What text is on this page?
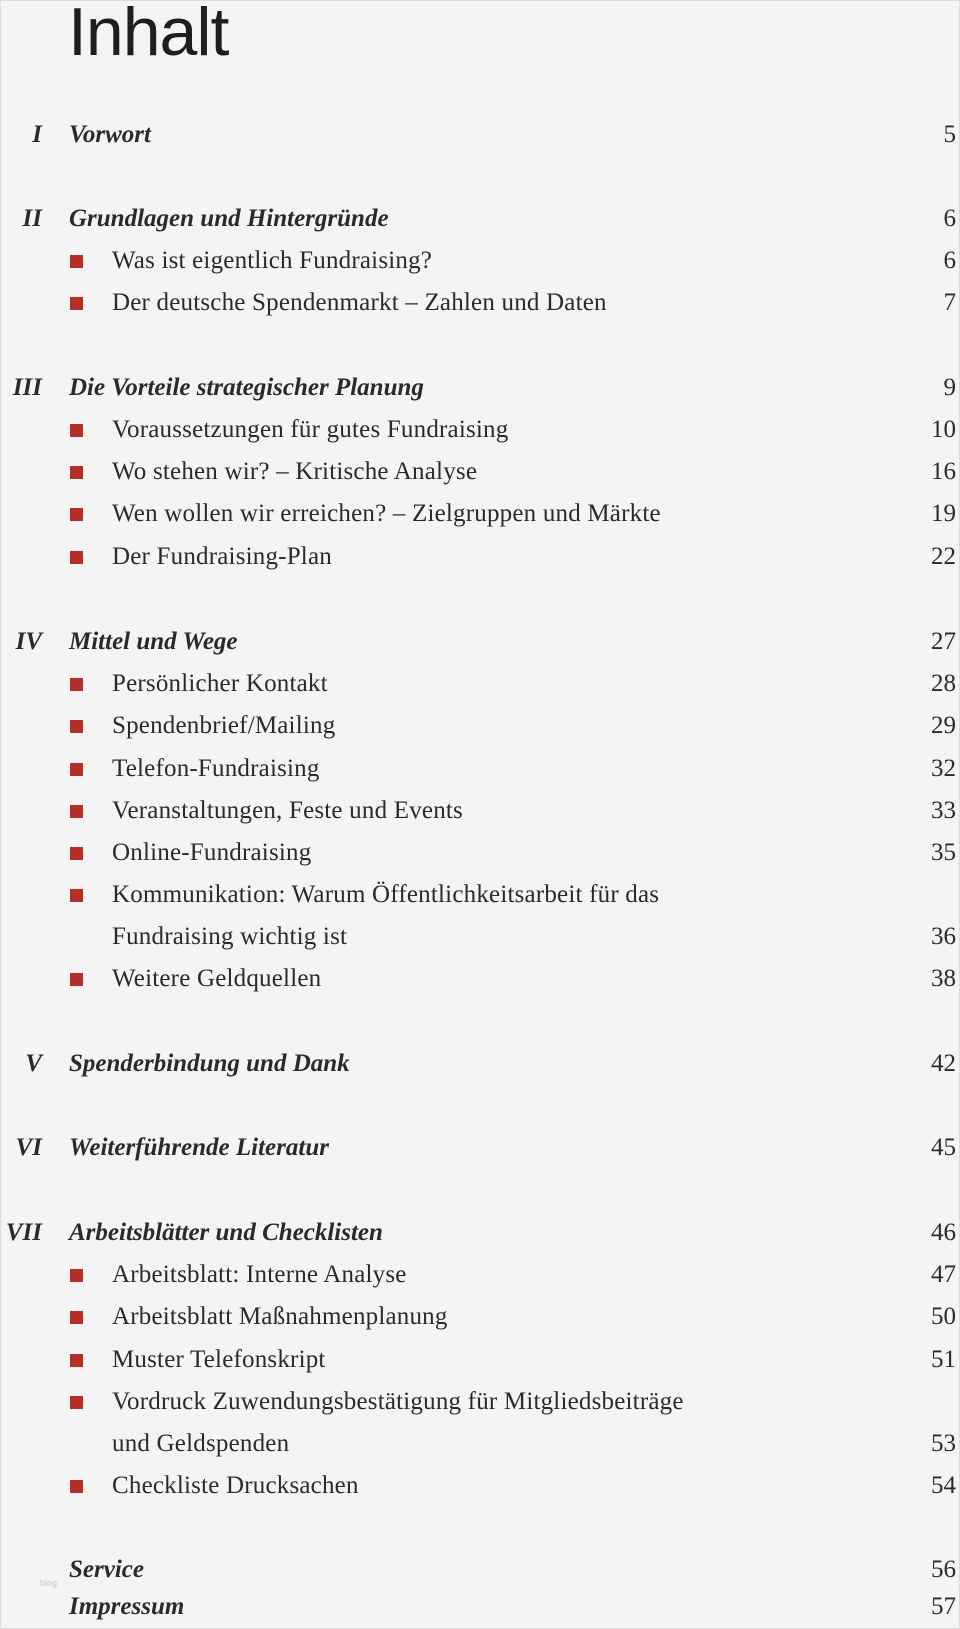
Inhalt
I Vorwort	5
II Grundlagen und Hintergründe	6
Was ist eigentlich Fundraising?	6
Der deutsche Spendenmarkt – Zahlen und Daten	7
III Die Vorteile strategischer Planung	9
Voraussetzungen für gutes Fundraising	10
Wo stehen wir? – Kritische Analyse	16
Wen wollen wir erreichen? – Zielgruppen und Märkte	19
Der Fundraising-Plan	22
IV Mittel und Wege	27
Persönlicher Kontakt	28
Spendenbrief/Mailing	29
Telefon-Fundraising	32
Veranstaltungen, Feste und Events	33
Online-Fundraising	35
Kommunikation: Warum Öffentlichkeitsarbeit für das
Fundraising wichtig ist	36
Weitere Geldquellen	38
V Spenderbindung und Dank	42
VI Weiterführende Literatur	45
VII Arbeitsblätter und Checklisten	46
Arbeitsblatt: Interne Analyse	47
Arbeitsblatt Maßnahmenplanung	50
Muster Telefonskript	51
Vordruck Zuwendungsbestätigung für Mitgliedsbeiträge
und Geldspenden	53
Checkliste Drucksachen	54
Service	56
Impressum	57
blog
